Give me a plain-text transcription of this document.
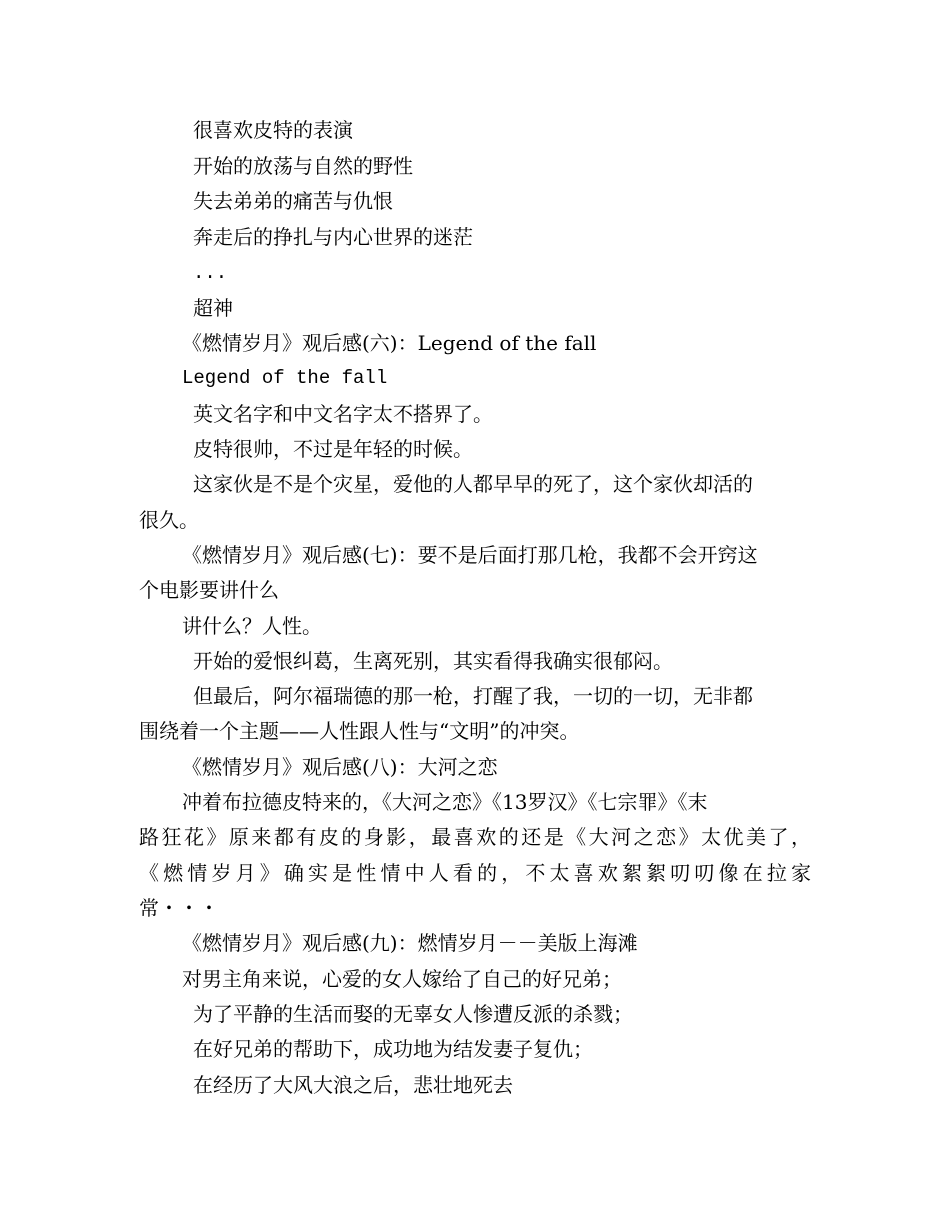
很喜欢皮特的表演
开始的放荡与自然的野性
失去弟弟的痛苦与仇恨
奔走后的挣扎与内心世界的迷茫
...
超神
《燃情岁月》观后感(六)：Legend of the fall
Legend of the fall
英文名字和中文名字太不搭界了。
皮特很帅，不过是年轻的时候。
这家伙是不是个灾星，爱他的人都早早的死了，这个家伙却活的
很久。
《燃情岁月》观后感(七)：要不是后面打那几枪，我都不会开窍这
个电影要讲什么
讲什么？人性。
开始的爱恨纠葛，生离死别，其实看得我确实很郁闷。
但最后，阿尔福瑞德的那一枪，打醒了我，一切的一切，无非都
围绕着一个主题——人性跟人性与“文明”的冲突。
《燃情岁月》观后感(八)：大河之恋
冲着布拉德皮特来的，《大河之恋》《13罗汉》《七宗罪》《末
路狂花》原来都有皮的身影，最喜欢的还是《大河之恋》太优美了，
《燃情岁月》确实是性情中人看的，不太喜欢絮絮叨叨像在拉家
常・・・
《燃情岁月》观后感(九)：燃情岁月－－美版上海滩
对男主角来说，心爱的女人嫁给了自己的好兄弟；
为了平静的生活而娶的无辜女人惨遭反派的杀戮；
在好兄弟的帮助下，成功地为结发妻子复仇；
在经历了大风大浪之后，悲壮地死去
